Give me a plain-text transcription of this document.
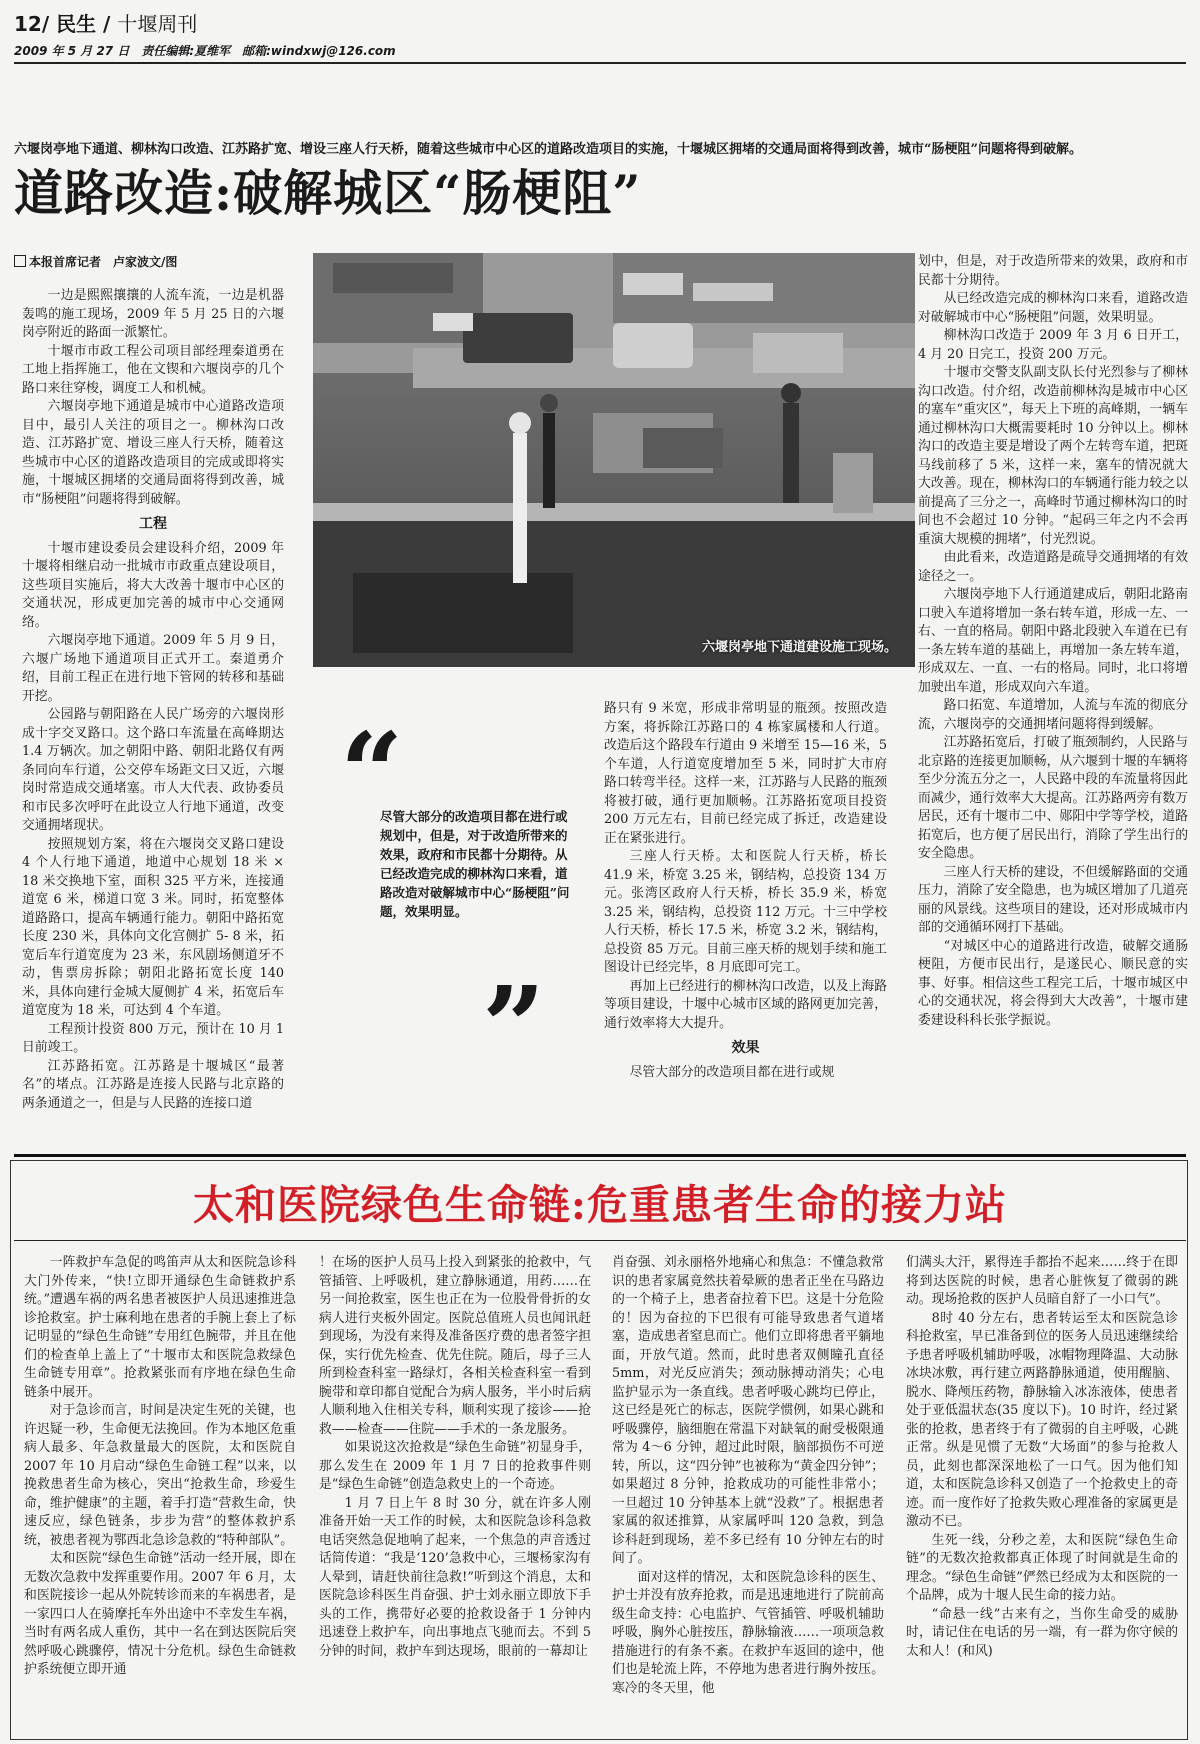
12/ 民生 / 十堰周刊
2009 年 5 月 27 日　责任编辑:夏维军　邮箱:windxwj@126.com
六堰岗亭地下通道、柳林沟口改造、江苏路扩宽、增设三座人行天桥，随着这些城市中心区的道路改造项目的实施，十堰城区拥堵的交通局面将得到改善，城市“肠梗阻”问题将得到破解。
道路改造:破解城区“肠梗阻”
本报首席记者　卢家波文/图

一边是熙熙攘攘的人流车流，一边是机器轰鸣的施工现场，2009 年 5 月 25 日的六堰岗亭附近的路面一派繁忙。

十堰市市政工程公司项目部经理秦道勇在工地上指挥施工，他在文锲和六堰岗亭的几个路口来往穿梭，调度工人和机械。

六堰岗亭地下通道是城市中心道路改造项目中，最引人关注的项目之一。柳林沟口改造、江苏路扩宽、增设三座人行天桥，随着这些城市中心区的道路改造项目的完成或即将实施，十堰城区拥堵的交通局面将得到改善，城市“肠梗阻”问题将得到破解。

工程

十堰市建设委员会建设科介绍，2009 年十堰将相继启动一批城市市政重点建设项目，这些项目实施后，将大大改善十堰市中心区的交通状况，形成更加完善的城市中心交通网络。

六堰岗亭地下通道。2009 年 5 月 9 日，六堰广场地下通道项目正式开工。秦道勇介绍，目前工程正在进行地下管网的转移和基础开挖。

公园路与朝阳路在人民广场旁的六堰岗形成十字交叉路口。这个路口车流量在高峰期达 1.4 万辆次。加之朝阳中路、朝阳北路仅有两条同向车行道，公交停车场距文曰又近，六堰岗时常造成交通堵塞。市人大代表、政协委员和市民多次呼吁在此设立人行地下通道，改变交通拥堵现状。

按照规划方案，将在六堰岗交叉路口建设 4 个人行地下通道，地道中心规划 18 米 × 18 米交换地下室，面积 325 平方米，连接通道宽 6 米，梯道口宽 3 米。同时，拓宽整体道路路口，提高车辆通行能力。朝阳中路拓宽长度 230 米，具体向文化宫侧扩 5- 8 米，拓宽后车行道宽度为 23 米，东风剧场侧道牙不动，售票房拆除；朝阳北路拓宽长度 140 米，具体向建行金城大厦侧扩 4 米，拓宽后车道宽度为 18 米，可达到 4 个车道。

工程预计投资 800 万元，预计在 10 月 1 日前竣工。

江苏路拓宽。江苏路是十堰城区“最著名”的堵点。江苏路是连接人民路与北京路的两条通道之一，但是与人民路的连接口道

六堰岗亭地下通道建设施工现场。

路只有 9 米宽，形成非常明显的瓶颈。按照改造方案，将拆除江苏路口的 4 栋家属楼和人行道。改造后这个路段车行道由 9 米增至 15—16 米，5 个车道，人行道宽度增加至 5 米，同时扩大市府路口转弯半径。这样一来，江苏路与人民路的瓶颈将被打破，通行更加顺畅。江苏路拓宽项目投资 200 万元左右，目前已经完成了拆迁，改造建设正在紧张进行。

三座人行天桥。太和医院人行天桥，桥长 41.9 米，桥宽 3.25 米，钢结构，总投资 134 万元。张湾区政府人行天桥，桥长 35.9 米，桥宽 3.25 米，钢结构，总投资 112 万元。十三中学校人行天桥，桥长 17.5 米，桥宽 3.2 米，钢结构，总投资 85 万元。目前三座天桥的规划手续和施工图设计已经完毕，8 月底即可完工。

再加上已经进行的柳林沟口改造，以及上海路等项目建设，十堰中心城市区域的路网更加完善，通行效率将大大提升。

效果

尽管大部分的改造项目都在进行或规

“
尽管大部分的改造项目都在进行或规划中，但是，对于改造所带来的效果，政府和市民都十分期待。从已经改造完成的柳林沟口来看，道路改造对破解城市中心“肠梗阻”问题，效果明显。
”

划中，但是，对于改造所带来的效果，政府和市民都十分期待。

从已经改造完成的柳林沟口来看，道路改造对破解城市中心“肠梗阻”问题，效果明显。

柳林沟口改造于 2009 年 3 月 6 日开工，4 月 20 日完工，投资 200 万元。

十堰市交警支队副支队长付光烈参与了柳林沟口改造。付介绍，改造前柳林沟是城市中心区的塞车“重灾区”，每天上下班的高峰期，一辆车通过柳林沟口大概需要耗时 10 分钟以上。柳林沟口的改造主要是增设了两个左转弯车道，把斑马线前移了 5 米，这样一来，塞车的情况就大大改善。现在，柳林沟口的车辆通行能力较之以前提高了三分之一，高峰时节通过柳林沟口的时间也不会超过 10 分钟。“起码三年之内不会再重演大规模的拥堵”，付光烈说。

由此看来，改造道路是疏导交通拥堵的有效途径之一。

六堰岗亭地下人行通道建成后，朝阳北路南口驶入车道将增加一条右转车道，形成一左、一右、一直的格局。朝阳中路北段驶入车道在已有一条左转车道的基础上，再增加一条左转车道，形成双左、一直、一右的格局。同时，北口将增加驶出车道，形成双向六车道。

路口拓宽、车道增加，人流与车流的彻底分流，六堰岗亭的交通拥堵问题将得到缓解。

江苏路拓宽后，打破了瓶颈制约，人民路与北京路的连接更加顺畅，从六堰到十堰的车辆将至少分流五分之一，人民路中段的车流量将因此而减少，通行效率大大提高。江苏路两旁有数万居民，还有十堰市二中、郧阳中学等学校，道路拓宽后，也方便了居民出行，消除了学生出行的安全隐患。

三座人行天桥的建设，不但缓解路面的交通压力，消除了安全隐患，也为城区增加了几道亮丽的风景线。这些项目的建设，还对形成城市内部的交通循环网打下基础。

“对城区中心的道路进行改造，破解交通肠梗阻，方便市民出行，是遂民心、顺民意的实事、好事。相信这些工程完工后，十堰市城区中心的交通状况，将会得到大大改善”，十堰市建委建设科科长张学振说。

太和医院绿色生命链:危重患者生命的接力站

一阵救护车急促的鸣笛声从太和医院急诊科大门外传来，“快!立即开通绿色生命链救护系统。”遭遇车祸的两名患者被医护人员迅速推进急诊抢救室。护士麻利地在患者的手腕上套上了标记明显的“绿色生命链”专用红色腕带，并且在他们的检查单上盖上了“十堰市太和医院急救绿色生命链专用章”。抢救紧张而有序地在绿色生命链条中展开。

对于急诊而言，时间是决定生死的关键，也许迟疑一秒，生命便无法挽回。作为本地区危重病人最多、年急救量最大的医院，太和医院自 2007 年 10 月启动“绿色生命链工程”以来，以挽救患者生命为核心，突出“抢救生命，珍爱生命，维护健康”的主题，着手打造“营救生命，快速反应，绿色链条，步步为营”的整体救护系统，被患者视为鄂西北急诊急救的“特种部队”。

太和医院“绿色生命链”活动一经开展，即在无数次急救中发挥重要作用。2007 年 6 月，太和医院接诊一起从外院转诊而来的车祸患者，是一家四口人在骑摩托车外出途中不幸发生车祸，当时有两名成人重伤，其中一名在到达医院后突然呼吸心跳骤停，情况十分危机。绿色生命链救护系统便立即开通

！在场的医护人员马上投入到紧张的抢救中，气管插管、上呼吸机，建立静脉通道，用药……在另一间抢救室，医生也正在为一位股骨骨折的女病人进行夹板外固定。医院总值班人员也闻讯赶到现场，为没有来得及准备医疗费的患者签字担保，实行优先检查、优先住院。随后，母子三人所到检查科室一路绿灯，各相关检查科室一看到腕带和章印都自觉配合为病人服务，半小时后病人顺利地入住相关专科，顺利实现了接诊——抢救——检查——住院——手术的一条龙服务。

如果说这次抢救是“绿色生命链”初显身手，那么发生在 2009 年 1 月 7 日的抢救事件则是“绿色生命链”创造急救史上的一个奇迹。

1 月 7 日上午 8 时 30 分，就在许多人刚准备开始一天工作的时候，太和医院急诊科急救电话突然急促地响了起来，一个焦急的声音透过话筒传道：“我是‘120’急救中心，三堰杨家沟有人晕到，请赶快前往急救!”听到这个消息，太和医院急诊科医生肖奋强、护士刘永丽立即放下手头的工作，携带好必要的抢救设备于 1 分钟内迅速登上救护车，向出事地点飞驰而去。不到 5 分钟的时间，救护车到达现场，眼前的一幕却让

肖奋强、刘永丽格外地痛心和焦急：不懂急救常识的患者家属竟然扶着晕厥的患者正坐在马路边的一个椅子上，患者奋拉着下巴。这是十分危险的！因为奋拉的下巴很有可能导致患者气道堵塞，造成患者窒息而亡。他们立即将患者平躺地面，开放气道。然而，此时患者双侧瞳孔直径 5mm，对光反应消失；颈动脉搏动消失；心电监护显示为一条直线。患者呼吸心跳均已停止，这已经是死亡的标志，医院学惯例，如果心跳和呼吸骤停，脑细胞在常温下对缺氧的耐受极限通常为 4～6 分钟，超过此时限，脑部损伤不可逆转，所以，这“四分钟”也被称为“黄金四分钟”；如果超过 8 分钟，抢救成功的可能性非常小；一旦超过 10 分钟基本上就“没救”了。根据患者家属的叙述推算，从家属呼叫 120 急救，到急诊科赶到现场，差不多已经有 10 分钟左右的时间了。

面对这样的情况，太和医院急诊科的医生、护士并没有放弃抢救，而是迅速地进行了院前高级生命支持：心电监护、气管插管、呼吸机辅助呼吸，胸外心脏按压，静脉输液……一项项急救措施进行的有条不紊。在救护车返回的途中，他们也是轮流上阵，不停地为患者进行胸外按压。寒冷的冬天里，他

们满头大汗，累得连手都抬不起来……终于在即将到达医院的时候，患者心脏恢复了微弱的跳动。现场抢救的医护人员暗自舒了一小口气”。

8时 40 分左右，患者转运至太和医院急诊科抢救室，早已准备到位的医务人员迅速继续给予患者呼吸机辅助呼吸，冰帽物理降温、大动脉冰块冰敷，再行建立两路静脉通道，使用醒脑、脱水、降颅压药物，静脉输入冰冻液体，使患者处于亚低温状态(35 度以下)。10 时许，经过紧张的抢救，患者终于有了微弱的自主呼吸，心跳正常。纵是见惯了无数“大场面”的参与抢救人员，此刻也都深深地松了一口气。因为他们知道，太和医院急诊科又创造了一个抢救史上的奇迹。而一度作好了抢救失败心理准备的家属更是激动不已。

生死一线，分秒之差，太和医院“绿色生命链”的无数次抢救都真正体现了时间就是生命的理念。“绿色生命链”俨然已经成为太和医院的一个品牌，成为十堰人民生命的接力站。

“命悬一线”古来有之，当你生命受的威胁时，请记住在电话的另一端，有一群为你守候的太和人！(和风)
